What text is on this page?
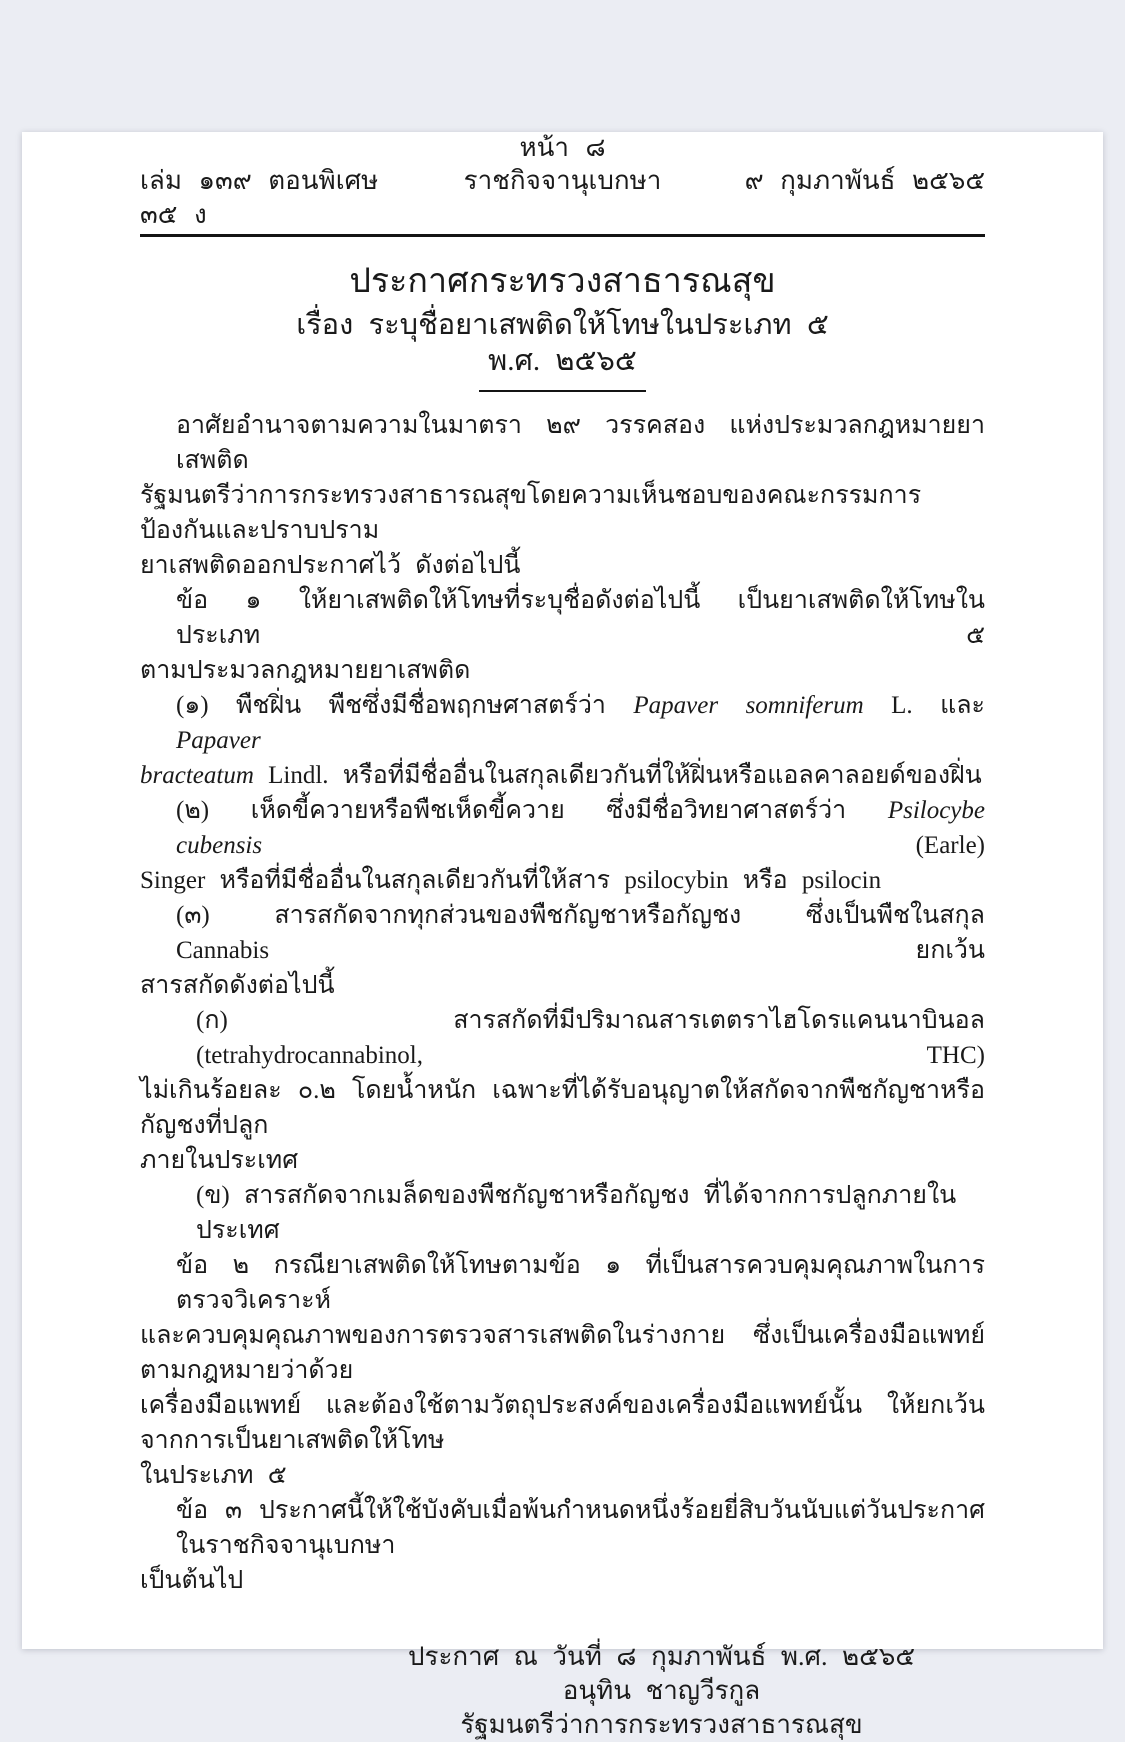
หน้า ๘
เล่ม ๑๓๙ ตอนพิเศษ ๓๕ ง
ราชกิจจานุเบกษา	๙ กุมภาพันธ์ ๒๕๖๕
ประกาศกระทรวงสาธารณสุข
เรื่อง ระบุชื่อยาเสพติดให้โทษในประเภท ๕
พ.ศ. ๒๕๖๕
อาศัยอำนาจตามความในมาตรา ๒๙ วรรคสอง แห่งประมวลกฎหมายยาเสพติด
รัฐมนตรีว่าการกระทรวงสาธารณสุขโดยความเห็นชอบของคณะกรรมการป้องกันและปราบปราม
ยาเสพติดออกประกาศไว้ ดังต่อไปนี้
ข้อ ๑ ให้ยาเสพติดให้โทษที่ระบุชื่อดังต่อไปนี้ เป็นยาเสพติดให้โทษในประเภท ๕
ตามประมวลกฎหมายยาเสพติด
(๑) พืชฝิ่น พืชซึ่งมีชื่อพฤกษศาสตร์ว่า Papaver somniferum L. และ Papaver
bracteatum Lindl. หรือที่มีชื่ออื่นในสกุลเดียวกันที่ให้ฝิ่นหรือแอลคาลอยด์ของฝิ่น
(๒) เห็ดขี้ควายหรือพืชเห็ดขี้ควาย ซึ่งมีชื่อวิทยาศาสตร์ว่า Psilocybe cubensis (Earle)
Singer หรือที่มีชื่ออื่นในสกุลเดียวกันที่ให้สาร psilocybin หรือ psilocin
(๓) สารสกัดจากทุกส่วนของพืชกัญชาหรือกัญชง ซึ่งเป็นพืชในสกุล Cannabis ยกเว้น
สารสกัดดังต่อไปนี้
(ก) สารสกัดที่มีปริมาณสารเตตราไฮโดรแคนนาบินอล (tetrahydrocannabinol, THC)
ไม่เกินร้อยละ ๐.๒ โดยน้ำหนัก เฉพาะที่ได้รับอนุญาตให้สกัดจากพืชกัญชาหรือกัญชงที่ปลูก
ภายในประเทศ
(ข) สารสกัดจากเมล็ดของพืชกัญชาหรือกัญชง ที่ได้จากการปลูกภายในประเทศ
ข้อ ๒ กรณียาเสพติดให้โทษตามข้อ ๑ ที่เป็นสารควบคุมคุณภาพในการตรวจวิเคราะห์
และควบคุมคุณภาพของการตรวจสารเสพติดในร่างกาย ซึ่งเป็นเครื่องมือแพทย์ตามกฎหมายว่าด้วย
เครื่องมือแพทย์ และต้องใช้ตามวัตถุประสงค์ของเครื่องมือแพทย์นั้น ให้ยกเว้นจากการเป็นยาเสพติดให้โทษ
ในประเภท ๕
ข้อ ๓ ประกาศนี้ให้ใช้บังคับเมื่อพ้นกำหนดหนึ่งร้อยยี่สิบวันนับแต่วันประกาศในราชกิจจานุเบกษา
เป็นต้นไป
ประกาศ ณ วันที่ ๘ กุมภาพันธ์ พ.ศ. ๒๕๖๕
อนุทิน ชาญวีรกูล
รัฐมนตรีว่าการกระทรวงสาธารณสุข
